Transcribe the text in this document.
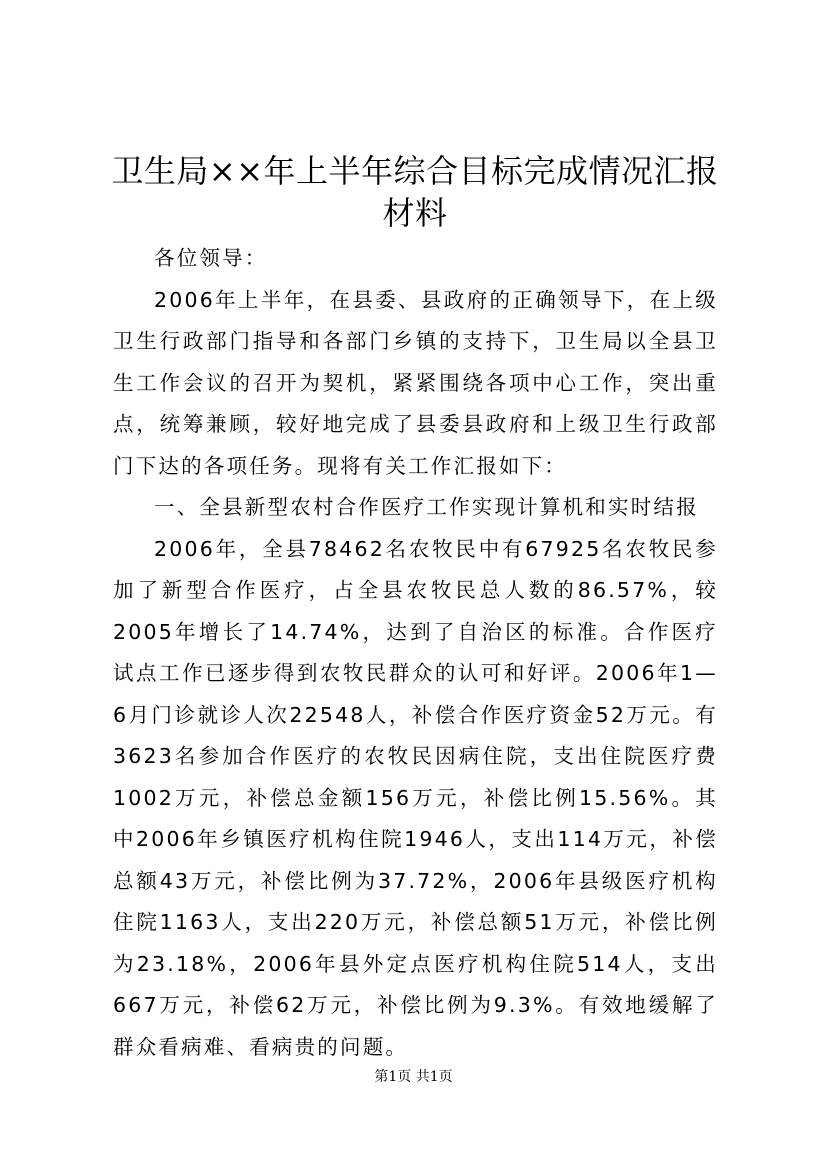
卫生局××年上半年综合目标完成情况汇报材料

各位领导：

2006年上半年，在县委、县政府的正确领导下，在上级卫生行政部门指导和各部门乡镇的支持下，卫生局以全县卫生工作会议的召开为契机，紧紧围绕各项中心工作，突出重点，统筹兼顾，较好地完成了县委县政府和上级卫生行政部门下达的各项任务。现将有关工作汇报如下：

一、全县新型农村合作医疗工作实现计算机和实时结报

2006年，全县78462名农牧民中有67925名农牧民参加了新型合作医疗，占全县农牧民总人数的86.57%，较2005年增长了14.74%，达到了自治区的标准。合作医疗试点工作已逐步得到农牧民群众的认可和好评。2006年1—6月门诊就诊人次22548人，补偿合作医疗资金52万元。有3623名参加合作医疗的农牧民因病住院，支出住院医疗费1002万元，补偿总金额156万元，补偿比例15.56%。其中2006年乡镇医疗机构住院1946人，支出114万元，补偿总额43万元，补偿比例为37.72%，2006年县级医疗机构住院1163人，支出220万元，补偿总额51万元，补偿比例为23.18%，2006年县外定点医疗机构住院514人，支出667万元，补偿62万元，补偿比例为9.3%。有效地缓解了群众看病难、看病贵的问题。

第1页 共1页
